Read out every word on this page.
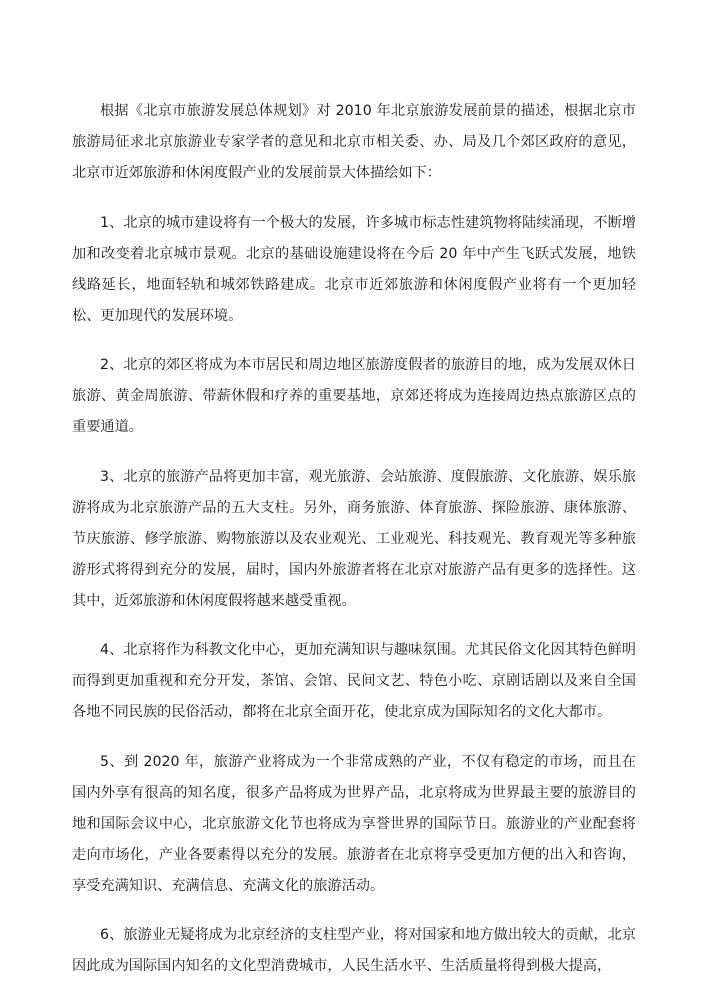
根据《北京市旅游发展总体规划》对 2010 年北京旅游发展前景的描述，根据北京市旅游局征求北京旅游业专家学者的意见和北京市相关委、办、局及几个郊区政府的意见，北京市近郊旅游和休闲度假产业的发展前景大体描绘如下：

1、北京的城市建设将有一个极大的发展，许多城市标志性建筑物将陆续涌现，不断增加和改变着北京城市景观。北京的基础设施建设将在今后 20 年中产生飞跃式发展，地铁线路延长，地面轻轨和城郊铁路建成。北京市近郊旅游和休闲度假产业将有一个更加轻松、更加现代的发展环境。

2、北京的郊区将成为本市居民和周边地区旅游度假者的旅游目的地，成为发展双休日旅游、黄金周旅游、带薪休假和疗养的重要基地，京郊还将成为连接周边热点旅游区点的重要通道。

3、北京的旅游产品将更加丰富，观光旅游、会站旅游、度假旅游、文化旅游、娱乐旅游将成为北京旅游产品的五大支柱。另外，商务旅游、体育旅游、探险旅游、康体旅游、节庆旅游、修学旅游、购物旅游以及农业观光、工业观光、科技观光、教育观光等多种旅游形式将得到充分的发展，届时，国内外旅游者将在北京对旅游产品有更多的选择性。这其中，近郊旅游和休闲度假将越来越受重视。

4、北京将作为科教文化中心，更加充满知识与趣味氛围。尤其民俗文化因其特色鲜明而得到更加重视和充分开发，茶馆、会馆、民间文艺、特色小吃、京剧话剧以及来自全国各地不同民族的民俗活动，都将在北京全面开花，使北京成为国际知名的文化大都市。

5、到 2020 年，旅游产业将成为一个非常成熟的产业，不仅有稳定的市场，而且在国内外享有很高的知名度，很多产品将成为世界产品，北京将成为世界最主要的旅游目的地和国际会议中心，北京旅游文化节也将成为享誉世界的国际节日。旅游业的产业配套将走向市场化，产业各要素得以充分的发展。旅游者在北京将享受更加方便的出入和咨询，享受充满知识、充满信息、充满文化的旅游活动。

6、旅游业无疑将成为北京经济的支柱型产业，将对国家和地方做出较大的贡献，北京因此成为国际国内知名的文化型消费城市，人民生活水平、生活质量将得到极大提高，
